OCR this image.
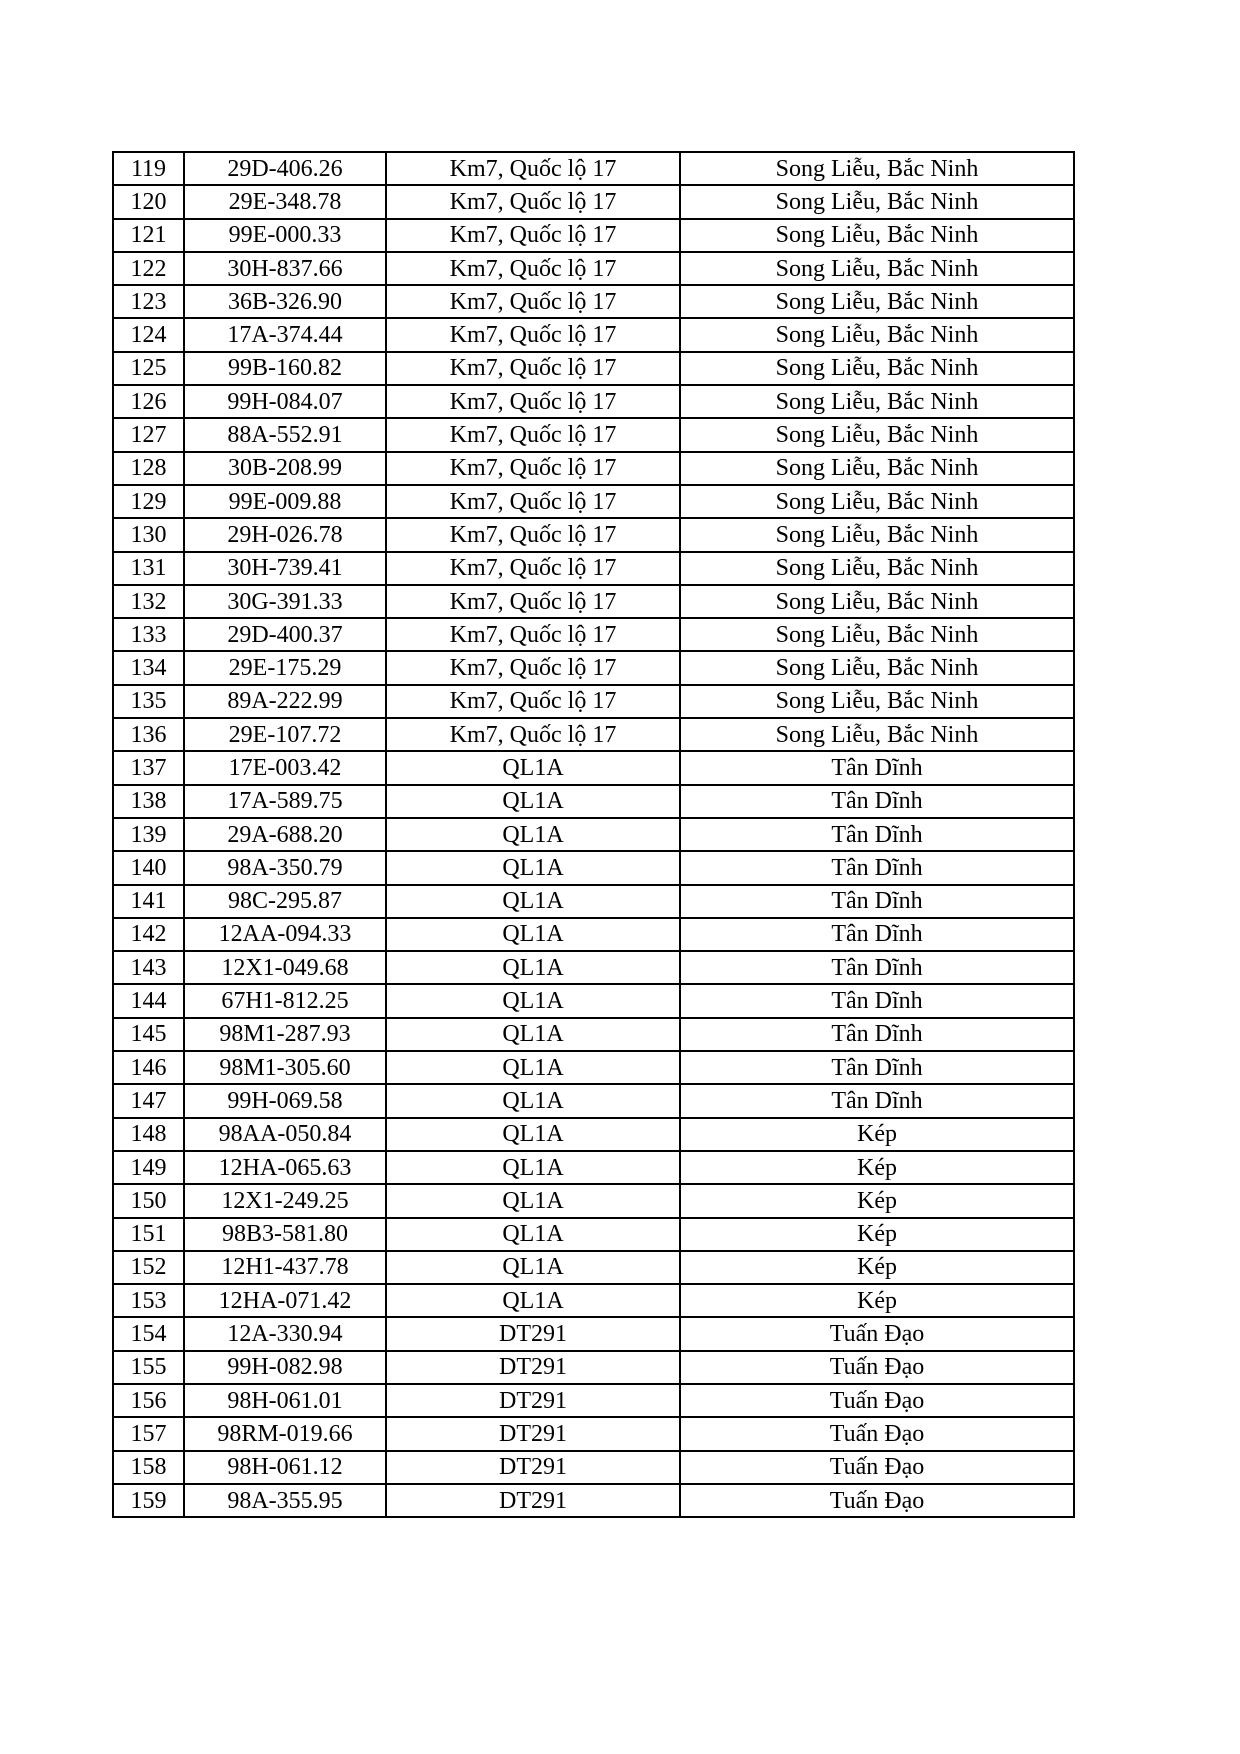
119	29D-406.26	Km7, Quốc lộ 17	Song Liễu, Bắc Ninh
120	29E-348.78	Km7, Quốc lộ 17	Song Liễu, Bắc Ninh
121	99E-000.33	Km7, Quốc lộ 17	Song Liễu, Bắc Ninh
122	30H-837.66	Km7, Quốc lộ 17	Song Liễu, Bắc Ninh
123	36B-326.90	Km7, Quốc lộ 17	Song Liễu, Bắc Ninh
124	17A-374.44	Km7, Quốc lộ 17	Song Liễu, Bắc Ninh
125	99B-160.82	Km7, Quốc lộ 17	Song Liễu, Bắc Ninh
126	99H-084.07	Km7, Quốc lộ 17	Song Liễu, Bắc Ninh
127	88A-552.91	Km7, Quốc lộ 17	Song Liễu, Bắc Ninh
128	30B-208.99	Km7, Quốc lộ 17	Song Liễu, Bắc Ninh
129	99E-009.88	Km7, Quốc lộ 17	Song Liễu, Bắc Ninh
130	29H-026.78	Km7, Quốc lộ 17	Song Liễu, Bắc Ninh
131	30H-739.41	Km7, Quốc lộ 17	Song Liễu, Bắc Ninh
132	30G-391.33	Km7, Quốc lộ 17	Song Liễu, Bắc Ninh
133	29D-400.37	Km7, Quốc lộ 17	Song Liễu, Bắc Ninh
134	29E-175.29	Km7, Quốc lộ 17	Song Liễu, Bắc Ninh
135	89A-222.99	Km7, Quốc lộ 17	Song Liễu, Bắc Ninh
136	29E-107.72	Km7, Quốc lộ 17	Song Liễu, Bắc Ninh
137	17E-003.42	QL1A	Tân Dĩnh
138	17A-589.75	QL1A	Tân Dĩnh
139	29A-688.20	QL1A	Tân Dĩnh
140	98A-350.79	QL1A	Tân Dĩnh
141	98C-295.87	QL1A	Tân Dĩnh
142	12AA-094.33	QL1A	Tân Dĩnh
143	12X1-049.68	QL1A	Tân Dĩnh
144	67H1-812.25	QL1A	Tân Dĩnh
145	98M1-287.93	QL1A	Tân Dĩnh
146	98M1-305.60	QL1A	Tân Dĩnh
147	99H-069.58	QL1A	Tân Dĩnh
148	98AA-050.84	QL1A	Kép
149	12HA-065.63	QL1A	Kép
150	12X1-249.25	QL1A	Kép
151	98B3-581.80	QL1A	Kép
152	12H1-437.78	QL1A	Kép
153	12HA-071.42	QL1A	Kép
154	12A-330.94	DT291	Tuấn Đạo
155	99H-082.98	DT291	Tuấn Đạo
156	98H-061.01	DT291	Tuấn Đạo
157	98RM-019.66	DT291	Tuấn Đạo
158	98H-061.12	DT291	Tuấn Đạo
159	98A-355.95	DT291	Tuấn Đạo
